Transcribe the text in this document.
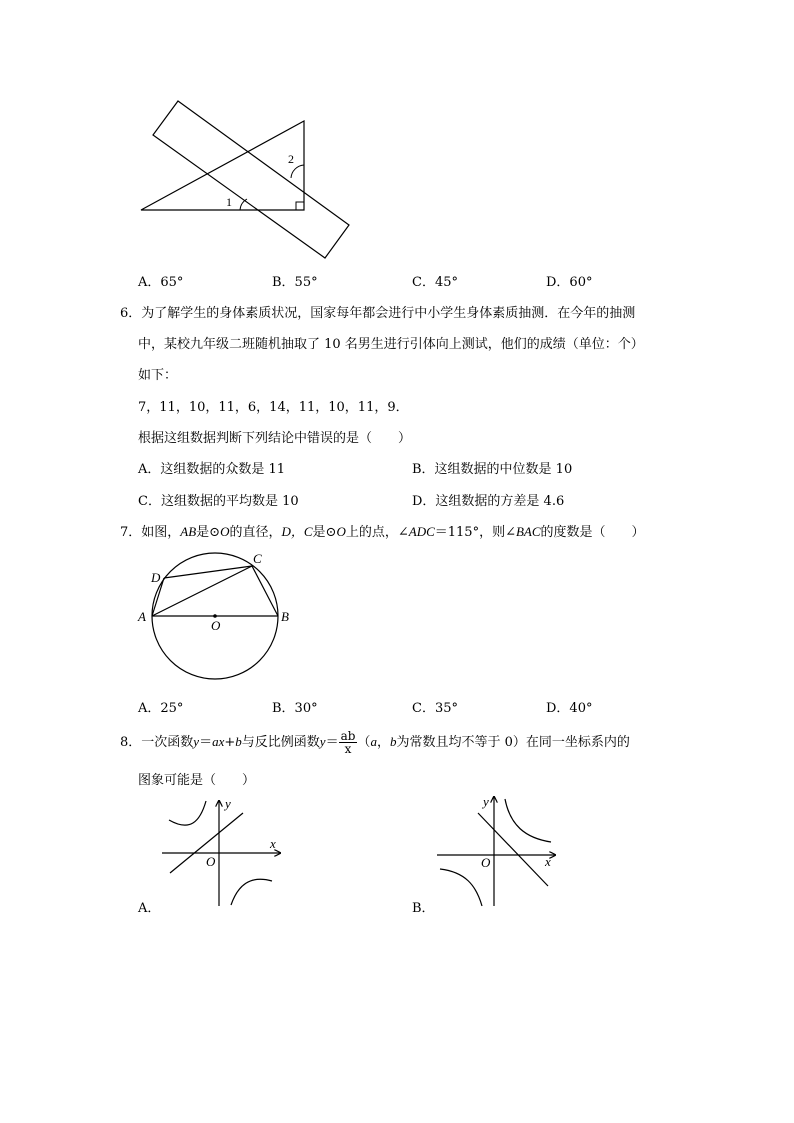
1
2
A．65°	B．55°	C．45°	D．60°
6．为了解学生的身体素质状况，国家每年都会进行中小学生身体素质抽测．在今年的抽测
中，某校九年级二班随机抽取了 10 名男生进行引体向上测试，他们的成绩（单位：个）
如下：
7，11，10，11，6，14，11，10，11，9．
根据这组数据判断下列结论中错误的是（　　）
A．这组数据的众数是 11	B．这组数据的中位数是 10
C．这组数据的平均数是 10	D．这组数据的方差是 4.6
7．如图，AB是⊙O的直径，D，C是⊙O上的点，∠ADC＝115°，则∠BAC的度数是（　　）
A	B
C
D
O
A．25°	B．30°	C．35°	D．40°
8．一次函数y＝ax+b与反比例函数$y= \frac{ab}{x} (a$，b为常数且均不等于 0）在同一坐标系内的
图象可能是（　　）
x
y
O
A．
x
y
O
B．
